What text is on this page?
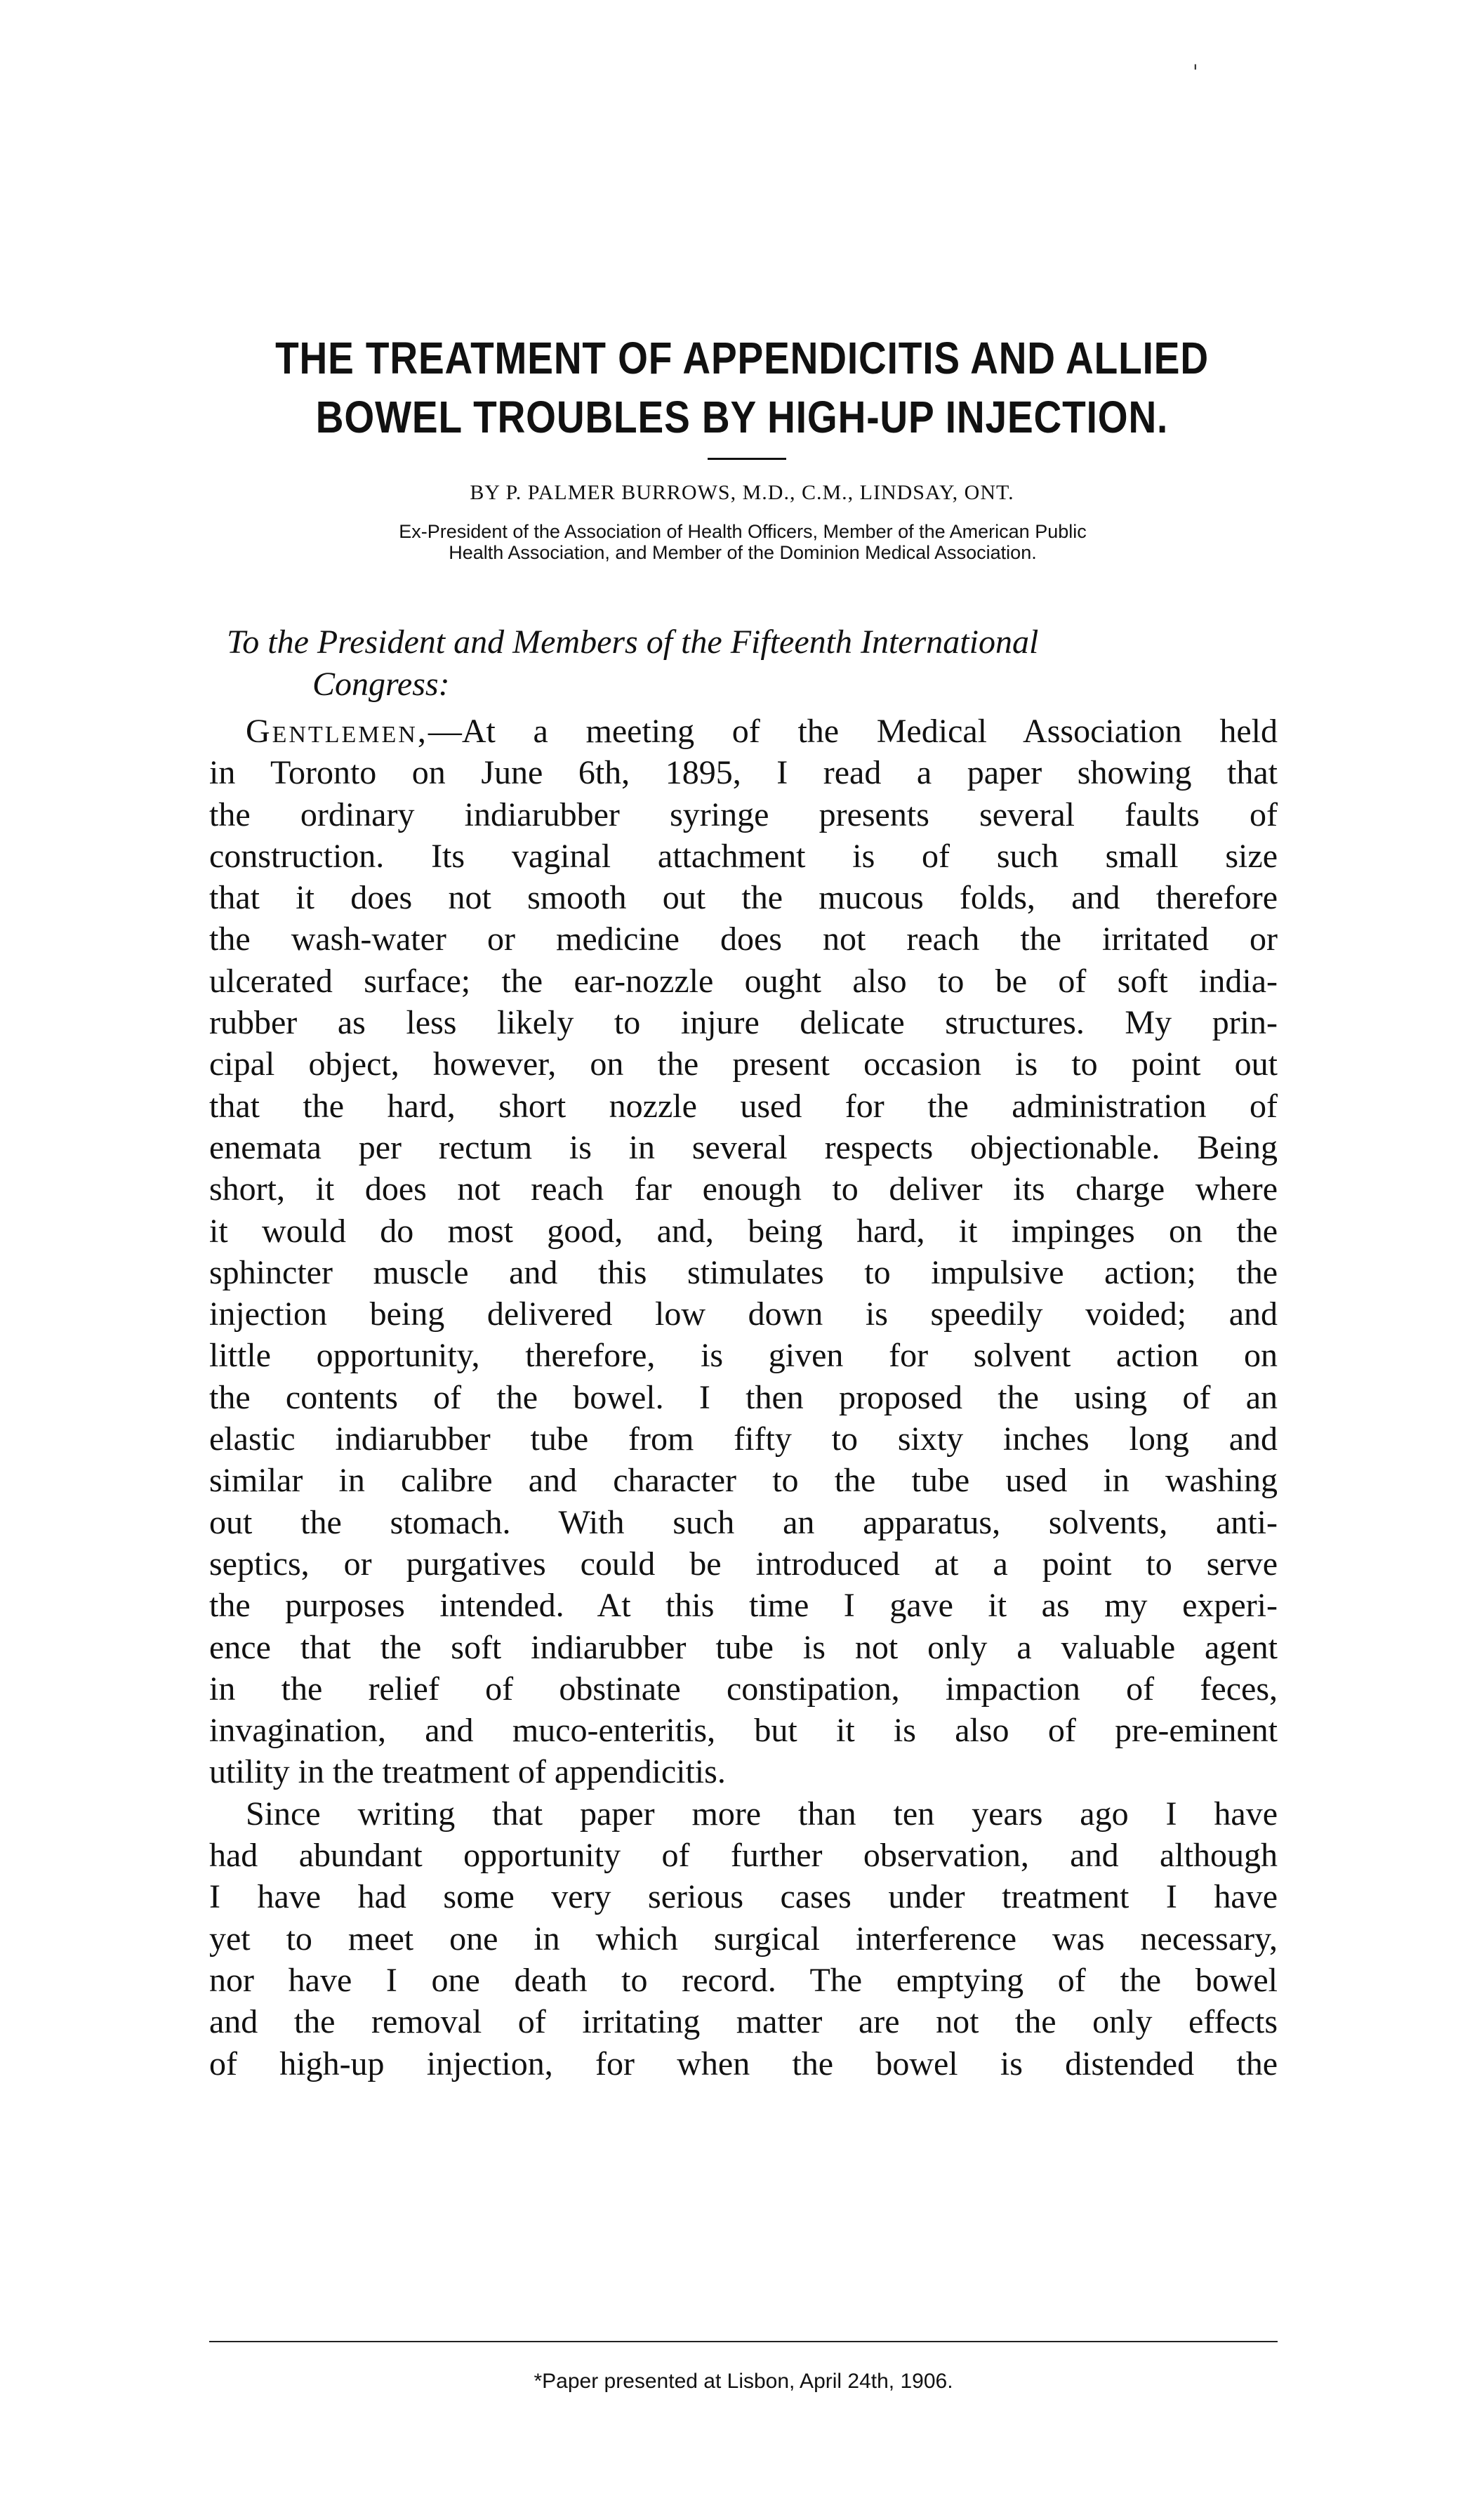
'
THE TREATMENT OF APPENDICITIS AND ALLIED
BOWEL TROUBLES BY HIGH-UP INJECTION.
BY P. PALMER BURROWS, M.D., C.M., LINDSAY, ONT.
Ex-President of the Association of Health Officers, Member of the American Public
Health Association, and Member of the Dominion Medical Association.
To the President and Members of the Fifteenth International
Congress:
Gentlemen,—At a meeting of the Medical Association held
in Toronto on June 6th, 1895, I read a paper showing that
the ordinary indiarubber syringe presents several faults of
construction. Its vaginal attachment is of such small size
that it does not smooth out the mucous folds, and therefore
the wash-water or medicine does not reach the irritated or
ulcerated surface; the ear-nozzle ought also to be of soft india-
rubber as less likely to injure delicate structures. My prin-
cipal object, however, on the present occasion is to point out
that the hard, short nozzle used for the administration of
enemata per rectum is in several respects objectionable. Being
short, it does not reach far enough to deliver its charge where
it would do most good, and, being hard, it impinges on the
sphincter muscle and this stimulates to impulsive action; the
injection being delivered low down is speedily voided; and
little opportunity, therefore, is given for solvent action on
the contents of the bowel. I then proposed the using of an
elastic indiarubber tube from fifty to sixty inches long and
similar in calibre and character to the tube used in washing
out the stomach. With such an apparatus, solvents, anti-
septics, or purgatives could be introduced at a point to serve
the purposes intended. At this time I gave it as my experi-
ence that the soft indiarubber tube is not only a valuable agent
in the relief of obstinate constipation, impaction of feces,
invagination, and muco-enteritis, but it is also of pre-eminent
utility in the treatment of appendicitis.
Since writing that paper more than ten years ago I have
had abundant opportunity of further observation, and although
I have had some very serious cases under treatment I have
yet to meet one in which surgical interference was necessary,
nor have I one death to record. The emptying of the bowel
and the removal of irritating matter are not the only effects
of high-up injection, for when the bowel is distended the
*Paper presented at Lisbon, April 24th, 1906.
